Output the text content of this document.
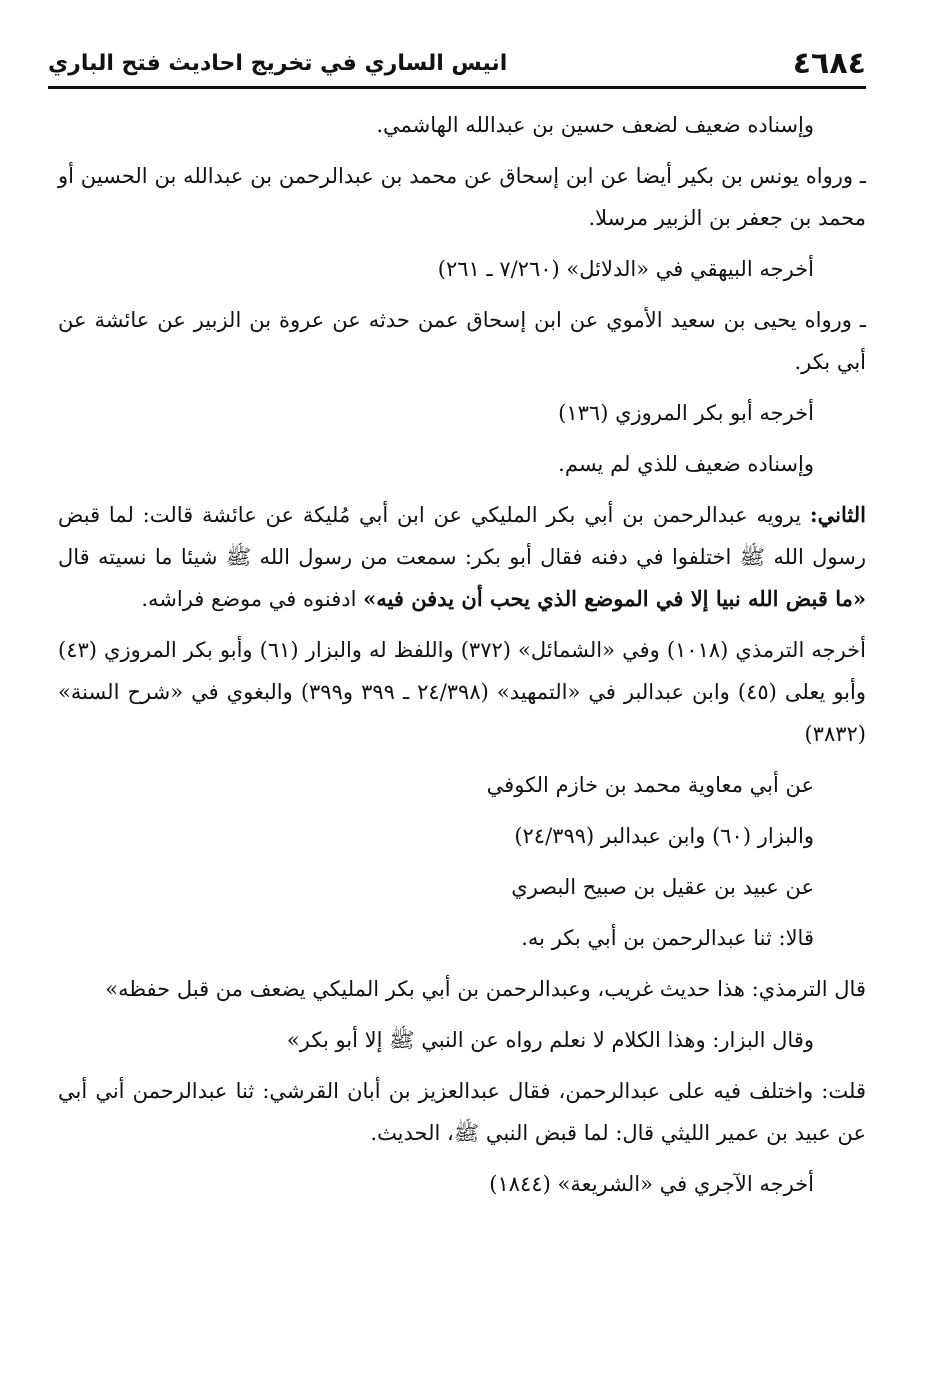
٤٦٨٤
انيس الساري في تخريج احاديث فتح الباري

وإسناده ضعيف لضعف حسين بن عبدالله الهاشمي.

ـ ورواه يونس بن بكير أيضا عن ابن إسحاق عن محمد بن عبدالرحمن بن عبدالله بن الحسين أو محمد بن جعفر بن الزبير مرسلا.

أخرجه البيهقي في «الدلائل» (٧/٢٦٠ ـ ٢٦١)

ـ ورواه يحيى بن سعيد الأموي عن ابن إسحاق عمن حدثه عن عروة بن الزبير عن عائشة عن أبي بكر.

أخرجه أبو بكر المروزي (١٣٦)

وإسناده ضعيف للذي لم يسم.

الثاني: يرويه عبدالرحمن بن أبي بكر المليكي عن ابن أبي مُليكة عن عائشة قالت: لما قبض رسول الله ﷺ اختلفوا في دفنه فقال أبو بكر: سمعت من رسول الله ﷺ شيئا ما نسيته قال «ما قبض الله نبيا إلا في الموضع الذي يحب أن يدفن فيه» ادفنوه في موضع فراشه.

أخرجه الترمذي (١٠١٨) وفي «الشمائل» (٣٧٢) واللفظ له والبزار (٦١) وأبو بكر المروزي (٤٣) وأبو يعلى (٤٥) وابن عبدالبر في «التمهيد» (٢٤/٣٩٨ ـ ٣٩٩ و٣٩٩) والبغوي في «شرح السنة» (٣٨٣٢)

عن أبي معاوية محمد بن خازم الكوفي

والبزار (٦٠) وابن عبدالبر (٢٤/٣٩٩)

عن عبيد بن عقيل بن صبيح البصري

قالا: ثنا عبدالرحمن بن أبي بكر به.

قال الترمذي: هذا حديث غريب، وعبدالرحمن بن أبي بكر المليكي يضعف من قبل حفظه»

وقال البزار: وهذا الكلام لا نعلم رواه عن النبي ﷺ إلا أبو بكر»

قلت: واختلف فيه على عبدالرحمن، فقال عبدالعزيز بن أبان القرشي: ثنا عبدالرحمن أني أبي عن عبيد بن عمير الليثي قال: لما قبض النبي ﷺ، الحديث.

أخرجه الآجري في «الشريعة» (١٨٤٤)
